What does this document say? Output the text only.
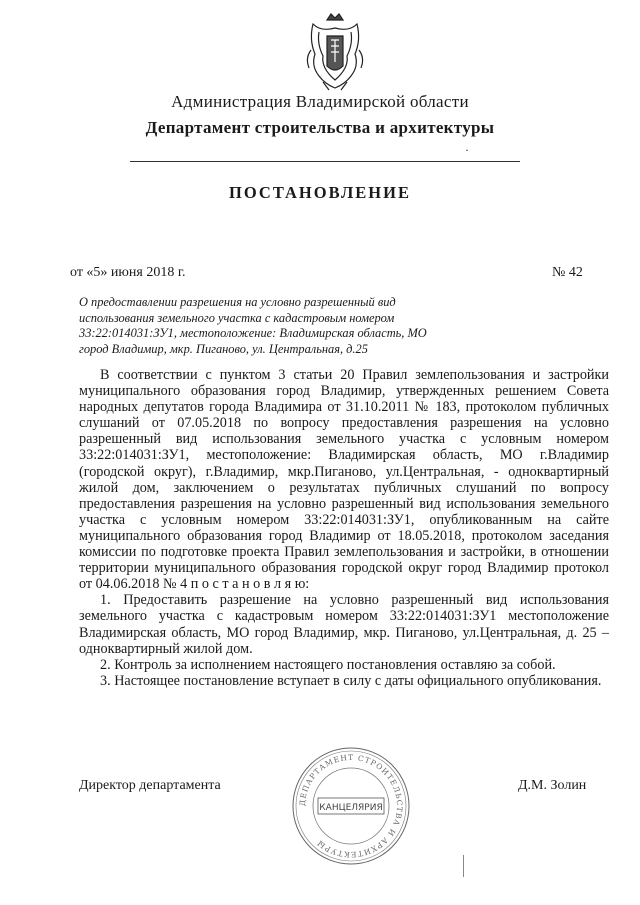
Администрация Владимирской области
Департамент строительства и архитектуры
·
ПОСТАНОВЛЕНИЕ
от «5» июня 2018 г.	№ 42
О предоставлении разрешения на условно разрешенный вид использования земельного участка с кадастровым номером 33:22:014031:ЗУ1, местоположение: Владимирская область, МО город Владимир, мкр. Пиганово, ул. Центральная, д.25

В соответствии с пунктом 3 статьи 20 Правил землепользования и застройки муниципального образования город Владимир, утвержденных решением Совета народных депутатов города Владимира от 31.10.2011 № 183, протоколом публичных слушаний от 07.05.2018 по вопросу предоставления разрешения на условно разрешенный вид использования земельного участка с условным номером 33:22:014031:ЗУ1, местоположение: Владимирская область, МО г.Владимир (городской округ), г.Владимир, мкр.Пиганово, ул.Центральная, - одноквартирный жилой дом, заключением о результатах публичных слушаний по вопросу предоставления разрешения на условно разрешенный вид использования земельного участка с условным номером 33:22:014031:ЗУ1, опубликованным на сайте муниципального образования город Владимир от 18.05.2018, протоколом заседания комиссии по подготовке проекта Правил землепользования и застройки, в отношении территории муниципального образования городской округ город Владимир протокол от 04.06.2018 № 4 п о с т а н о в л я ю:

1. Предоставить разрешение на условно разрешенный вид использования земельного участка с кадастровым номером 33:22:014031:ЗУ1 местоположение Владимирская область, МО город Владимир, мкр. Пиганово, ул.Центральная, д. 25 – одноквартирный жилой дом.

2. Контроль за исполнением настоящего постановления оставляю за собой.

3. Настоящее постановление вступает в силу с даты официального опубликования.

Директор департамента	Д.М. Золин
ДЕПАРТАМЕНТ СТРОИТЕЛЬСТВА И АРХИТЕКТУРЫ
КАНЦЕЛЯРИЯ
